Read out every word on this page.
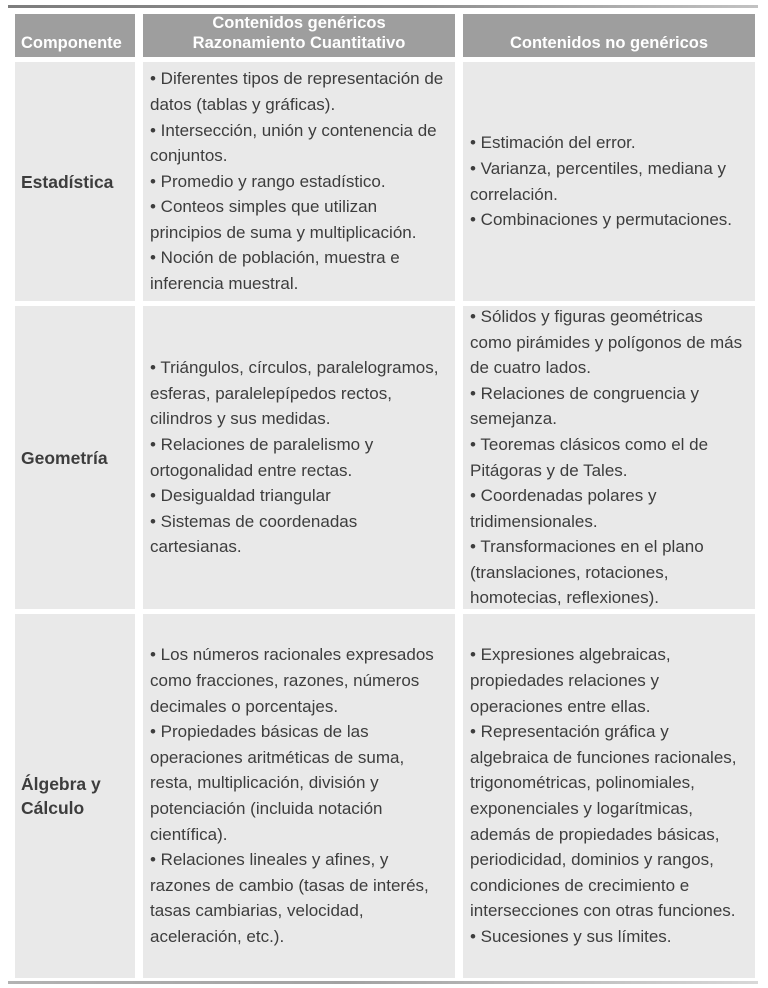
Componente
Contenidos genéricos
Razonamiento Cuantitativo	Contenidos no genéricos
Estadística

• Diferentes tipos de representación de datos (tablas y gráficas).

• Intersección, unión y contenencia de conjuntos.

• Promedio y rango estadístico.

• Conteos simples que utilizan principios de suma y multiplicación.

• Noción de población, muestra e inferencia muestral.

• Estimación del error.

• Varianza, percentiles, mediana y correlación.

• Combinaciones y permutaciones.

Geometría

• Triángulos, círculos, paralelogramos, esferas, paralelepípedos rectos, cilindros y sus medidas.

• Relaciones de paralelismo y ortogonalidad entre rectas.

• Desigualdad triangular

• Sistemas de coordenadas cartesianas.

• Sólidos y figuras geométricas como pirámides y polígonos de más de cuatro lados.

• Relaciones de congruencia y semejanza.

• Teoremas clásicos como el de Pitágoras y de Tales.

• Coordenadas polares y tridimensionales.

• Transformaciones en el plano (translaciones, rotaciones, homotecias, reflexiones).

Álgebra y Cálculo

• Los números racionales expresados como fracciones, razones, números decimales o porcentajes.

• Propiedades básicas de las operaciones aritméticas de suma, resta, multiplicación, división y potenciación (incluida notación científica).

• Relaciones lineales y afines, y razones de cambio (tasas de interés, tasas cambiarias, velocidad, aceleración, etc.).

• Expresiones algebraicas, propiedades relaciones y operaciones entre ellas.

• Representación gráfica y algebraica de funciones racionales, trigonométricas, polinomiales, exponenciales y logarítmicas, además de propiedades básicas, periodicidad, dominios y rangos, condiciones de crecimiento e intersecciones con otras funciones.

• Sucesiones y sus límites.
